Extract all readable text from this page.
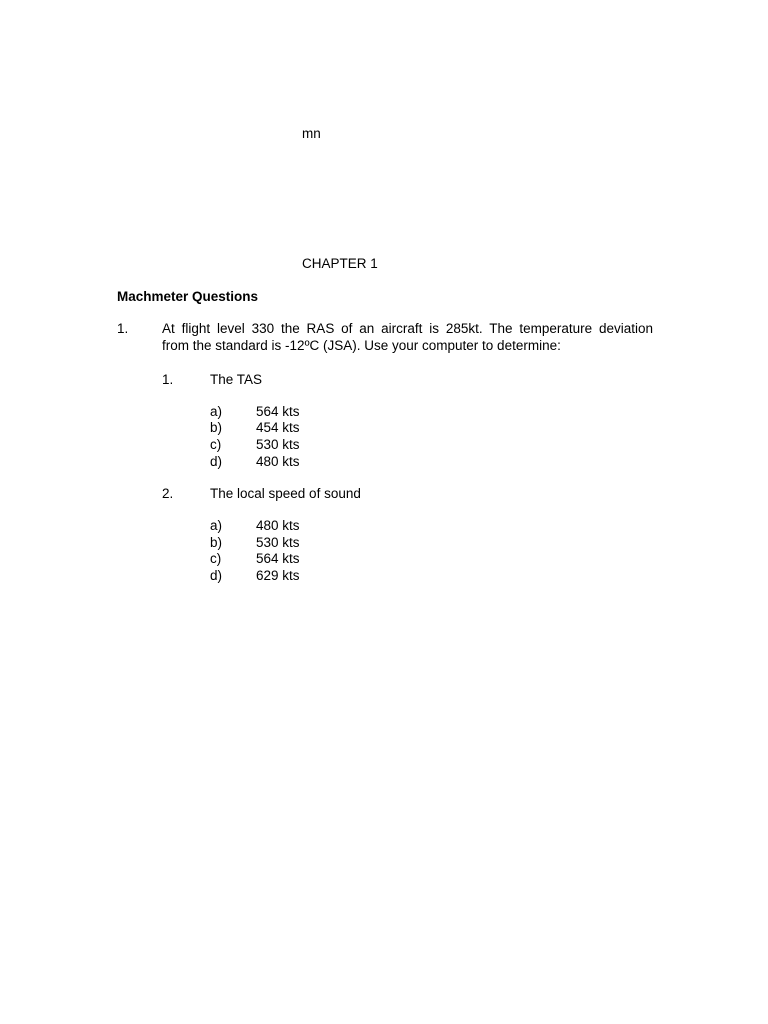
mn
CHAPTER 1
Machmeter Questions
1. At flight level 330 the RAS of an aircraft is 285kt. The temperature deviation
from the standard is -12ºC (JSA). Use your computer to determine:
1.	The TAS
a)	564 kts
b)	454 kts
c)	530 kts
d)	480 kts
2.	The local speed of sound
a)	480 kts
b)	530 kts
c)	564 kts
d)	629 kts
